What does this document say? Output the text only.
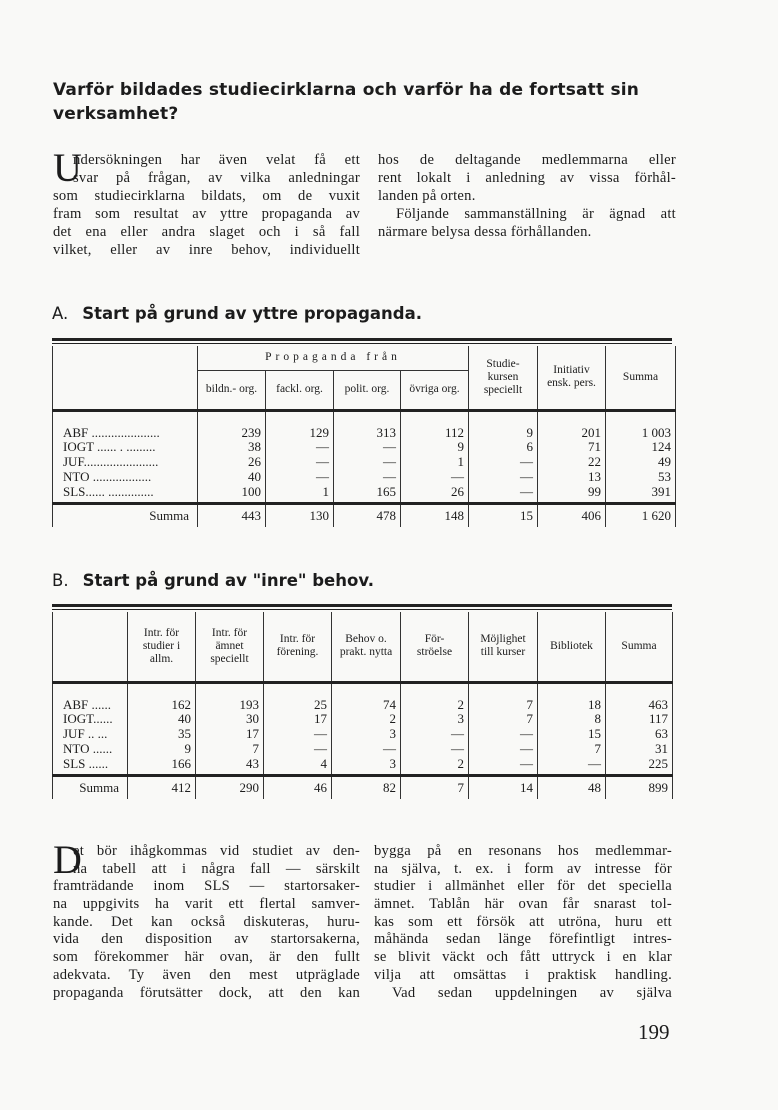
Varför bildades studiecirklarna och varför ha de fortsatt sin verksamhet?
U
ndersökningen har även velat få ett
svar på frågan, av vilka anledningar
som studiecirklarna bildats, om de vuxit
fram som resultat av yttre propaganda av
det ena eller andra slaget och i så fall
vilket, eller av inre behov, individuellt
hos de deltagande medlemmarna eller
rent lokalt i anledning av vissa förhål-
landen på orten.
Följande sammanställning är ägnad att
närmare belysa dessa förhållanden.
A. Start på grund av yttre propaganda.
	Propaganda från				Studie- kursen speciellt	Initiativ ensk. pers.	Summa
	bildn.- org.	fackl. org.	polit. org.	övriga org.			
ABF .....................	239	129	313	112	9	201	1 003
IOGT ...... . .........	38	—	—	9	6	71	124
JUF.......................	26	—	—	1	—	22	49
NTO ..................	40	—	—	—	—	13	53
SLS...... ..............	100	1	165	26	—	99	391
Summa	443	130	478	148	15	406	1 620
B. Start på grund av "inre" behov.
	Intr. för studier i allm.	Intr. för ämnet speciellt	Intr. för förening.	Behov o. prakt. nytta	För- ströelse	Möjlighet till kurser	Bibliotek	Summa
ABF ......	162	193	25	74	2	7	18	463
IOGT......	40	30	17	2	3	7	8	117
JUF .. ...	35	17	—	3	—	—	15	63
NTO ......	9	7	—	—	—	—	7	31
SLS ......	166	43	4	3	2	—	—	225
Summa	412	290	46	82	7	14	48	899
D
et bör ihågkommas vid studiet av den-
na tabell att i några fall — särskilt
framträdande inom SLS — startorsaker-
na uppgivits ha varit ett flertal samver-
kande. Det kan också diskuteras, huru-
vida den disposition av startorsakerna,
som förekommer här ovan, är den fullt
adekvata. Ty även den mest utpräglade
propaganda förutsätter dock, att den kan
bygga på en resonans hos medlemmar-
na själva, t. ex. i form av intresse för
studier i allmänhet eller för det speciella
ämnet. Tablån här ovan får snarast tol-
kas som ett försök att utröna, huru ett
måhända sedan länge förefintligt intres-
se blivit väckt och fått uttryck i en klar
vilja att omsättas i praktisk handling.
Vad sedan uppdelningen av själva
199
